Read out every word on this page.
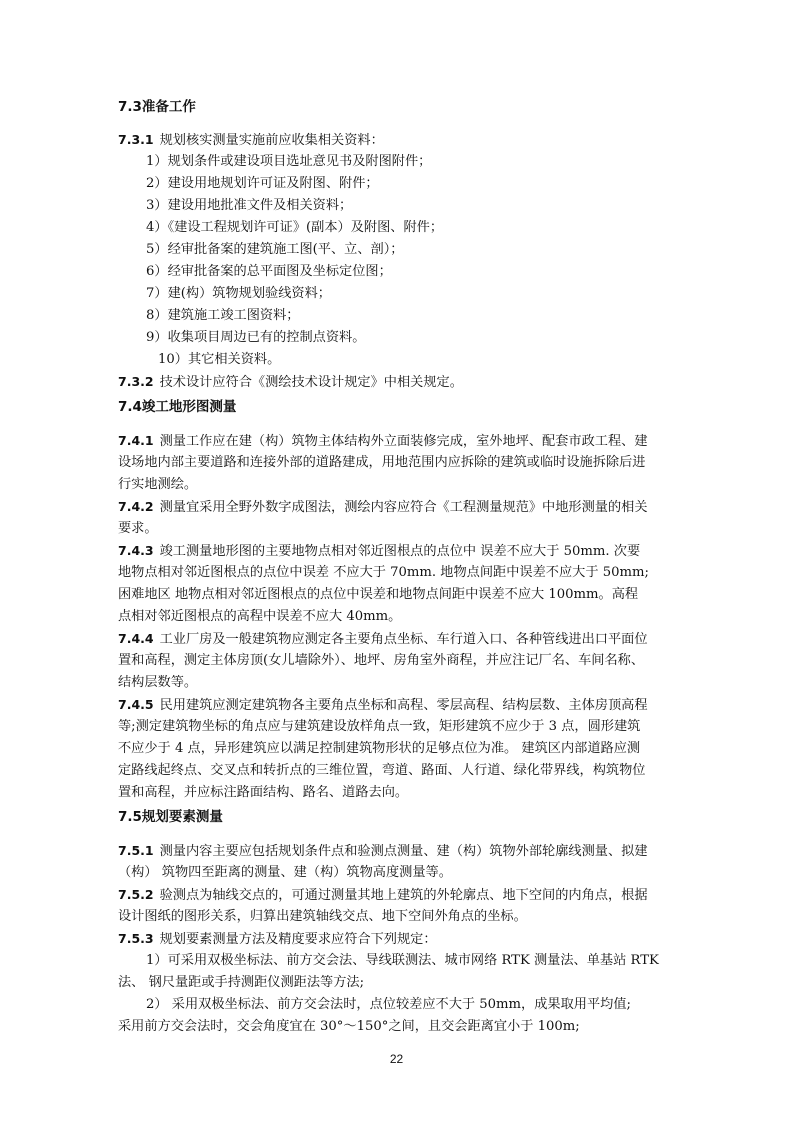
7.3准备工作
7.3.1 规划核实测量实施前应收集相关资料：
1）规划条件或建设项目选址意见书及附图附件；
2）建设用地规划许可证及附图、附件；
3）建设用地批准文件及相关资料；
4）《建设工程规划许可证》(副本）及附图、附件；
5）经审批备案的建筑施工图(平、立、剖）；
6）经审批备案的总平面图及坐标定位图；
7）建(构）筑物规划验线资料；
8）建筑施工竣工图资料；
9）收集项目周边已有的控制点资料。
10）其它相关资料。
7.3.2 技术设计应符合《测绘技术设计规定》中相关规定。
7.4竣工地形图测量
7.4.1 测量工作应在建（构）筑物主体结构外立面装修完成，室外地坪、配套市政工程、建
设场地内部主要道路和连接外部的道路建成，用地范围内应拆除的建筑或临时设施拆除后进
行实地测绘。
7.4.2 测量宜采用全野外数字成图法，测绘内容应符合《工程测量规范》中地形测量的相关
要求。
7.4.3 竣工测量地形图的主要地物点相对邻近图根点的点位中 误差不应大于 50mm. 次要
地物点相对邻近图根点的点位中误差 不应大于 70mm. 地物点间距中误差不应大于 50mm;
困难地区 地物点相对邻近图根点的点位中误差和地物点间距中误差不应大 100mm。高程
点相对邻近图根点的高程中误差不应大 40mm。
7.4.4 工业厂房及一般建筑物应测定各主要角点坐标、车行道入口、各种管线进出口平面位
置和高程，测定主体房顶(女儿墙除外）、地坪、房角室外商程，并应注记厂名、车间名称、
结构层数等。
7.4.5 民用建筑应测定建筑物各主要角点坐标和高程、零层高程、结构层数、主体房顶高程
等;测定建筑物坐标的角点应与建筑建设放样角点一致，矩形建筑不应少于 3 点，圆形建筑
不应少于 4 点，异形建筑应以满足控制建筑物形状的足够点位为准。 建筑区内部道路应测
定路线起终点、交叉点和转折点的三维位置，弯道、路面、人行道、绿化带界线，构筑物位
置和高程，并应标注路面结构、路名、道路去向。
7.5规划要素测量
7.5.1 测量内容主要应包括规划条件点和验测点测量、建（构）筑物外部轮廓线测量、拟建
（构） 筑物四至距离的测量、建（构）筑物高度测量等。
7.5.2 验测点为轴线交点的，可通过测量其地上建筑的外轮廓点、地下空间的内角点，根据
设计图纸的图形关系，归算出建筑轴线交点、地下空间外角点的坐标。
7.5.3 规划要素测量方法及精度要求应符合下列规定：
1）可采用双极坐标法、前方交会法、导线联测法、城市网络 RTK 测量法、单基站 RTK
法、 钢尺量距或手持测距仪测距法等方法;
2） 采用双极坐标法、前方交会法时，点位较差应不大于 50mm，成果取用平均值;
采用前方交会法时，交会角度宜在 30°～150°之间，且交会距离宜小于 100m;
22
